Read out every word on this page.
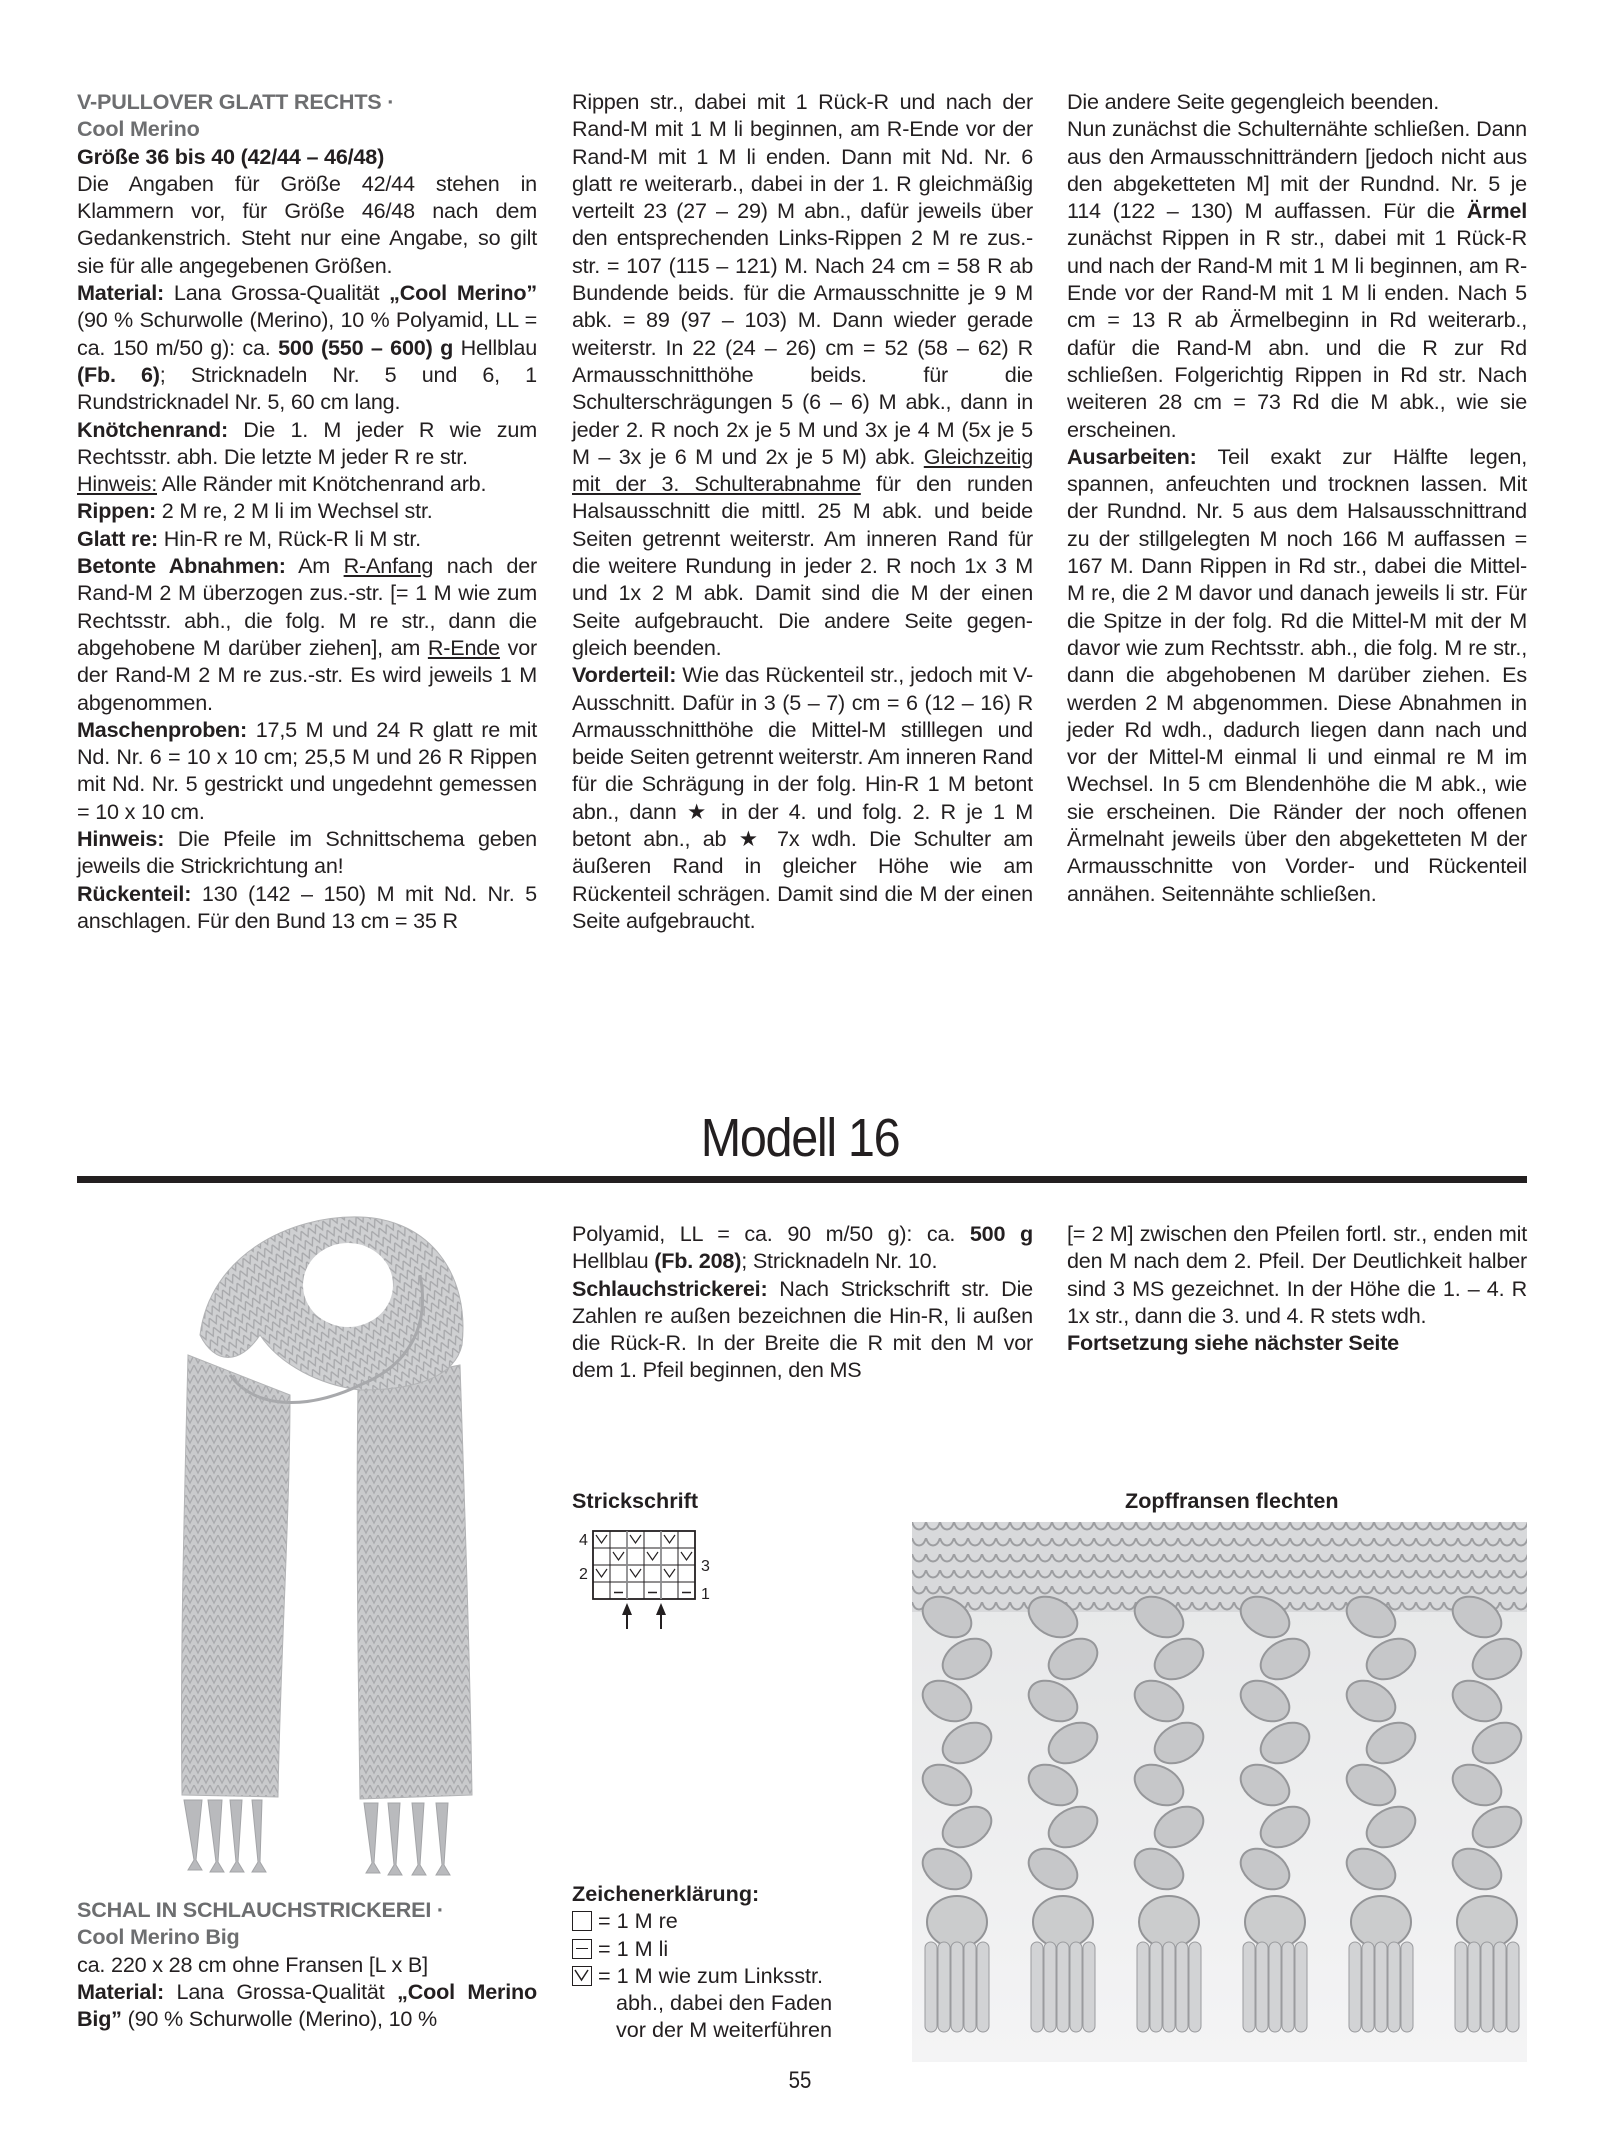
V-PULLOVER GLATT RECHTS ·
Cool Merino

Größe 36 bis 40 (42/44 – 46/48)

Die Angaben für Größe 42/44 stehen in Klammern vor, für Größe 46/48 nach dem Gedankenstrich. Steht nur eine Angabe, so gilt sie für alle angegebenen Größen.

Material: Lana Grossa-Qualität „Cool Merino” (90 % Schurwolle (Merino), 10 % Polyamid, LL = ca. 150 m/50 g): ca. 500 (550 – 600) g Hellblau (Fb. 6); Stricknadeln Nr. 5 und 6, 1 Rundstricknadel Nr. 5, 60 cm lang.

Knötchenrand: Die 1. M jeder R wie zum Rechtsstr. abh. Die letzte M jeder R re str.

Hinweis: Alle Ränder mit Knötchenrand arb.

Rippen: 2 M re, 2 M li im Wechsel str.

Glatt re: Hin-R re M, Rück-R li M str.

Betonte Abnahmen: Am R-Anfang nach der Rand-M 2 M überzogen zus.-str. [= 1 M wie zum Rechtsstr. abh., die folg. M re str., dann die abgehobene M darüber ziehen], am R-Ende vor der Rand-M 2 M re zus.-str. Es wird jeweils 1 M abgenommen.

Maschenproben: 17,5 M und 24 R glatt re mit Nd. Nr. 6 = 10 x 10 cm; 25,5 M und 26 R Rippen mit Nd. Nr. 5 gestrickt und ungedehnt gemessen = 10 x 10 cm.

Hinweis: Die Pfeile im Schnittschema geben jeweils die Strickrichtung an!

Rückenteil: 130 (142 – 150) M mit Nd. Nr. 5 anschlagen. Für den Bund 13 cm = 35 R

Rippen str., dabei mit 1 Rück-R und nach der Rand-M mit 1 M li beginnen, am R-Ende vor der Rand-M mit 1 M li enden. Dann mit Nd. Nr. 6 glatt re weiterarb., dabei in der 1. R gleichmäßig verteilt 23 (27 – 29) M abn., dafür jeweils über den entsprechenden Links-Rippen 2 M re zus.-str. = 107 (115 – 121) M. Nach 24 cm = 58 R ab Bundende beids. für die Armausschnitte je 9 M abk. = 89 (97 – 103) M. Dann wieder gerade weiterstr. In 22 (24 – 26) cm = 52 (58 – 62) R Armausschnitthöhe beids. für die Schulterschrägungen 5 (6 – 6) M abk., dann in jeder 2. R noch 2x je 5 M und 3x je 4 M (5x je 5 M – 3x je 6 M und 2x je 5 M) abk. Gleichzeitig mit der 3. Schulterabnahme für den runden Halsausschnitt die mittl. 25 M abk. und beide Seiten getrennt weiterstr. Am inneren Rand für die weitere Rundung in jeder 2. R noch 1x 3 M und 1x 2 M abk. Damit sind die M der einen Seite aufgebraucht. Die andere Seite gegengleich beenden.

Vorderteil: Wie das Rückenteil str., jedoch mit V-Ausschnitt. Dafür in 3 (5 – 7) cm = 6 (12 – 16) R Armausschnitthöhe die Mittel-M stilllegen und beide Seiten getrennt weiterstr. Am inneren Rand für die Schrägung in der folg. Hin-R 1 M betont abn., dann ★ in der 4. und folg. 2. R je 1 M betont abn., ab ★ 7x wdh. Die Schulter am äußeren Rand in gleicher Höhe wie am Rückenteil schrägen. Damit sind die M der einen Seite aufgebraucht.

Die andere Seite gegengleich beenden.

Nun zunächst die Schulternähte schließen. Dann aus den Armausschnitträndern [jedoch nicht aus den abgeketteten M] mit der Rundnd. Nr. 5 je 114 (122 – 130) M auffassen. Für die Ärmel zunächst Rippen in R str., dabei mit 1 Rück-R und nach der Rand-M mit 1 M li beginnen, am R-Ende vor der Rand-M mit 1 M li enden. Nach 5 cm = 13 R ab Ärmelbeginn in Rd weiterarb., dafür die Rand-M abn. und die R zur Rd schließen. Folgerichtig Rippen in Rd str. Nach weiteren 28 cm = 73 Rd die M abk., wie sie erscheinen.

Ausarbeiten: Teil exakt zur Hälfte legen, spannen, anfeuchten und trocknen lassen. Mit der Rundnd. Nr. 5 aus dem Halsausschnittrand zu der stillgelegten M noch 166 M auffassen = 167 M. Dann Rippen in Rd str., dabei die Mittel-M re, die 2 M davor und danach jeweils li str. Für die Spitze in der folg. Rd die Mittel-M mit der M davor wie zum Rechtsstr. abh., die folg. M re str., dann die abgehobenen M darüber ziehen. Es werden 2 M abgenommen. Diese Abnahmen in jeder Rd wdh., dadurch liegen dann nach und vor der Mittel-M einmal li und einmal re M im Wechsel. In 5 cm Blendenhöhe die M abk., wie sie erscheinen. Die Ränder der noch offenen Ärmelnaht jeweils über den abgeketteten M der Armausschnitte von Vorder- und Rückenteil annähen. Seitennähte schließen.

Modell 16

Polyamid, LL = ca. 90 m/50 g): ca. 500 g Hellblau (Fb. 208); Stricknadeln Nr. 10.
Schlauchstrickerei: Nach Strickschrift str. Die Zahlen re außen bezeichnen die Hin-R, li außen die Rück-R. In der Breite die R mit den M vor dem 1. Pfeil beginnen, den MS

[= 2 M] zwischen den Pfeilen fortl. str., enden mit den M nach dem 2. Pfeil. Der Deutlichkeit halber sind 3 MS gezeichnet. In der Höhe die 1. – 4. R 1x str., dann die 3. und 4. R stets wdh.

Fortsetzung siehe nächster Seite

SCHAL IN SCHLAUCHSTRICKEREI ·
Cool Merino Big

ca. 220 x 28 cm ohne Fransen [L x B]

Material: Lana Grossa-Qualität „Cool Merino Big” (90 % Schurwolle (Merino), 10 %

Strickschrift
4
2	3
1
Zeichenerklärung:
= 1 M re
= 1 M li
= 1 M wie zum Linksstr.
abh., dabei den Faden
vor der M weiterführen
Zopffransen flechten
55
